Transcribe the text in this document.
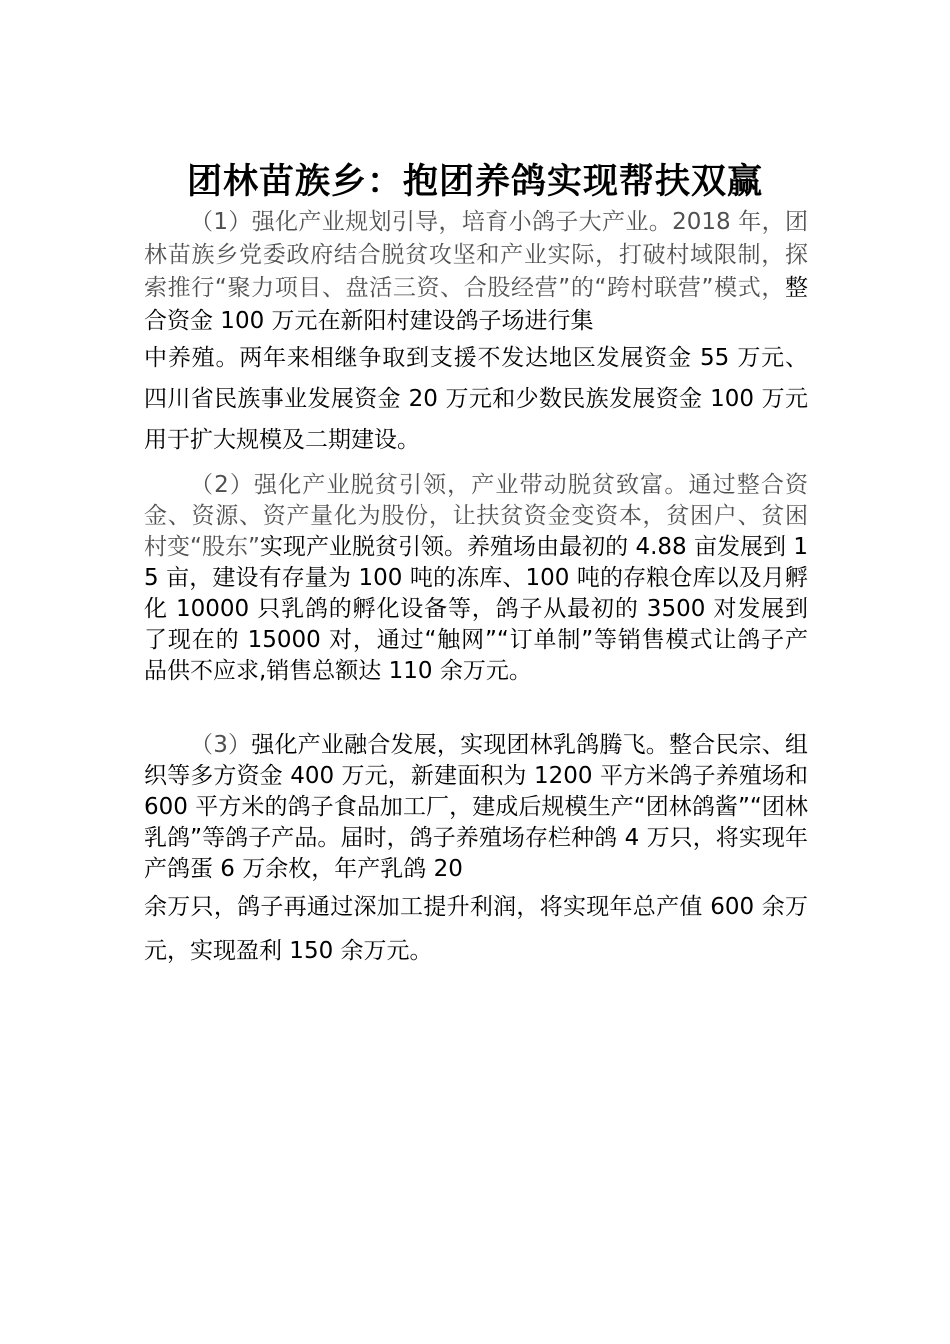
团林苗族乡：抱团养鸽实现帮扶双赢

（1）强化产业规划引导，培育小鸽子大产业。2018 年，团林苗族乡党委政府结合脱贫攻坚和产业实际，打破村域限制，探索推行“聚力项目、盘活三资、合股经营”的“跨村联营”模式，整合资金 100 万元在新阳村建设鸽子场进行集
中养殖。两年来相继争取到支援不发达地区发展资金 55 万元、四川省民族事业发展资金 20 万元和少数民族发展资金 100 万元用于扩大规模及二期建设。

（2）强化产业脱贫引领，产业带动脱贫致富。通过整合资金、资源、资产量化为股份，让扶贫资金变资本，贫困户、贫困村变“股东”实现产业脱贫引领。养殖场由最初的 4.88 亩发展到 15 亩，建设有存量为 100 吨的冻库、100 吨的存粮仓库以及月孵化 10000 只乳鸽的孵化设备等，鸽子从最初的 3500 对发展到了现在的 15000 对，通过“触网”“订单制”等销售模式让鸽子产品供不应求,销售总额达 110 余万元。

（3）强化产业融合发展，实现团林乳鸽腾飞。整合民宗、组织等多方资金 400 万元，新建面积为 1200 平方米鸽子养殖场和 600 平方米的鸽子食品加工厂，建成后规模生产“团林鸽酱”“团林乳鸽”等鸽子产品。届时，鸽子养殖场存栏种鸽 4 万只，将实现年产鸽蛋 6 万余枚，年产乳鸽 20
余万只，鸽子再通过深加工提升利润，将实现年总产值 600 余万元，实现盈利 150 余万元。
